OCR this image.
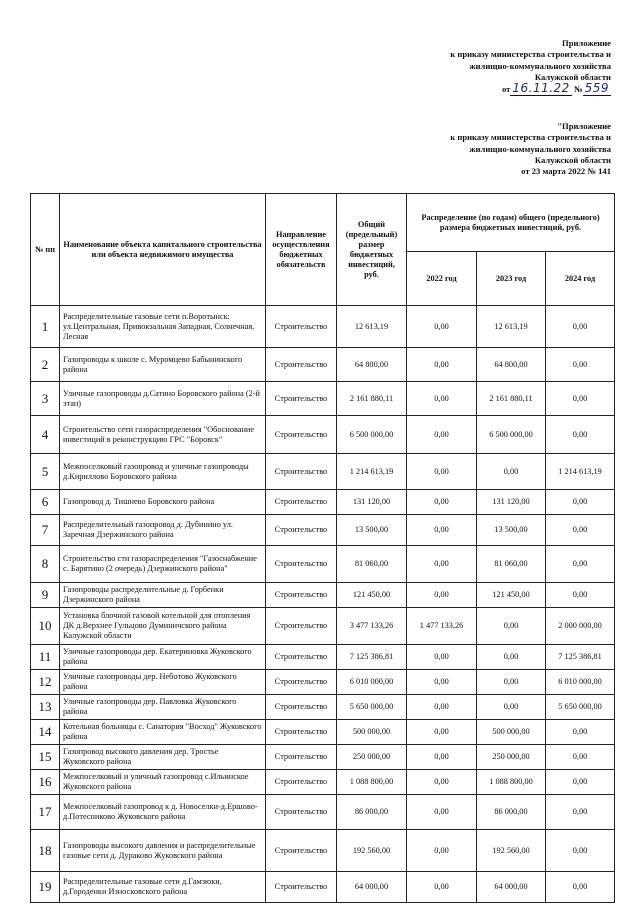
Приложение
к приказу министерства строительства и
жилищно-коммунального хозяйства
Калужской области
от 16.11.22 № 559
"Приложение
к приказу министерства строительства и
жилищно-коммунального хозяйства
Калужской области
от 23 марта 2022 № 141
№ пп	Наименование объекта капитального строительства или объекта недвижимого имущества	Направление осуществления бюджетных обязательств	Общий (предельный) размер бюджетных инвестиций, руб.	Распределение (по годам) общего (предельного) размера бюджетных инвестиций, руб.		
				2022 год	2023 год	2024 год
1	Распределительные газовые сети п.Воротынск: ул.Центральная, Привокзальная Западная, Солнечная, Лесная	Строительство	12 613,19	0,00	12 613,19	0,00
2	Газопроводы к школе с. Муромцево Бабынинского района	Строительство	64 800,00	0,00	64 800,00	0,00
3	Уличные газопроводы д.Сатино Боровского района (2-й этап)	Строительство	2 161 880,11	0,00	2 161 880,11	0,00
4	Строительство сети газораспределения "Обоснование инвестиций в реконструкцию ГРС "Боровск"	Строительство	6 500 000,00	0,00	6 500 000,00	0,00
5	Межпоселковый газопровод и уличные газопроводы д.Кириллово Боровского района	Строительство	1 214 613,19	0,00	0,00	1 214 613,19
6	Газопровод д. Тишнево Боровского района	Строительство	131 120,00	0,00	131 120,00	0,00
7	Распределительный газопровод д. Дубинино ул. Заречная Дзержинского района	Строительство	13 500,00	0,00	13 500,00	0,00
8	Строительство сти газораспределения "Газоснабжение с. Барятино (2 очередь) Дзержинского района"	Строительство	81 060,00	0,00	81 060,00	0,00
9	Газопроводы распределительные д. Горбенки Дзержинского района	Строительство	121 450,00	0,00	121 450,00	0,00
10	Установка блочной газовой котельной для отопления ДК д.Верхнее Гульцово Думиничского района Калужской области	Строительство	3 477 133,26	1 477 133,26	0,00	2 000 000,00
11	Уличные газопроводы дер. Екатериновка Жуковского района	Строительство	7 125 386,81	0,00	0,00	7 125 386,81
12	Уличные газопроводы дер. Неботово Жуковского района	Строительство	6 010 000,00	0,00	0,00	6 010 000,00
13	Уличные газопроводы дер. Павловка Жуковского района	Строительство	5 650 000,00	0,00	0,00	5 650 000,00
14	Котельная больницы с. Санатория "Восход" Жуковского района	Строительство	500 000,00	0,00	500 000,00	0,00
15	Газопровод высокого давления дер. Тростье Жуковского района	Строительство	250 000,00	0,00	250 000,00	0,00
16	Межпоселковый и уличный газопровод с.Ильинское Жуковского района	Строительство	1 088 800,00	0,00	1 088 800,00	0,00
17	Межпоселковый газопровод к д. Новоселки-д.Ершово-д.Потесниково Жуковского района	Строительство	86 000,00	0,00	86 000,00	0,00
18	Газопроводы высокого давления и распределительные газовые сети д. Дураково Жуковского района	Строительство	192 560,00	0,00	192 560,00	0,00
19	Распределительные газовые сети д.Гамзюки, д.Городенки Износковского района	Строительство	64 000,00	0,00	64 000,00	0,00
